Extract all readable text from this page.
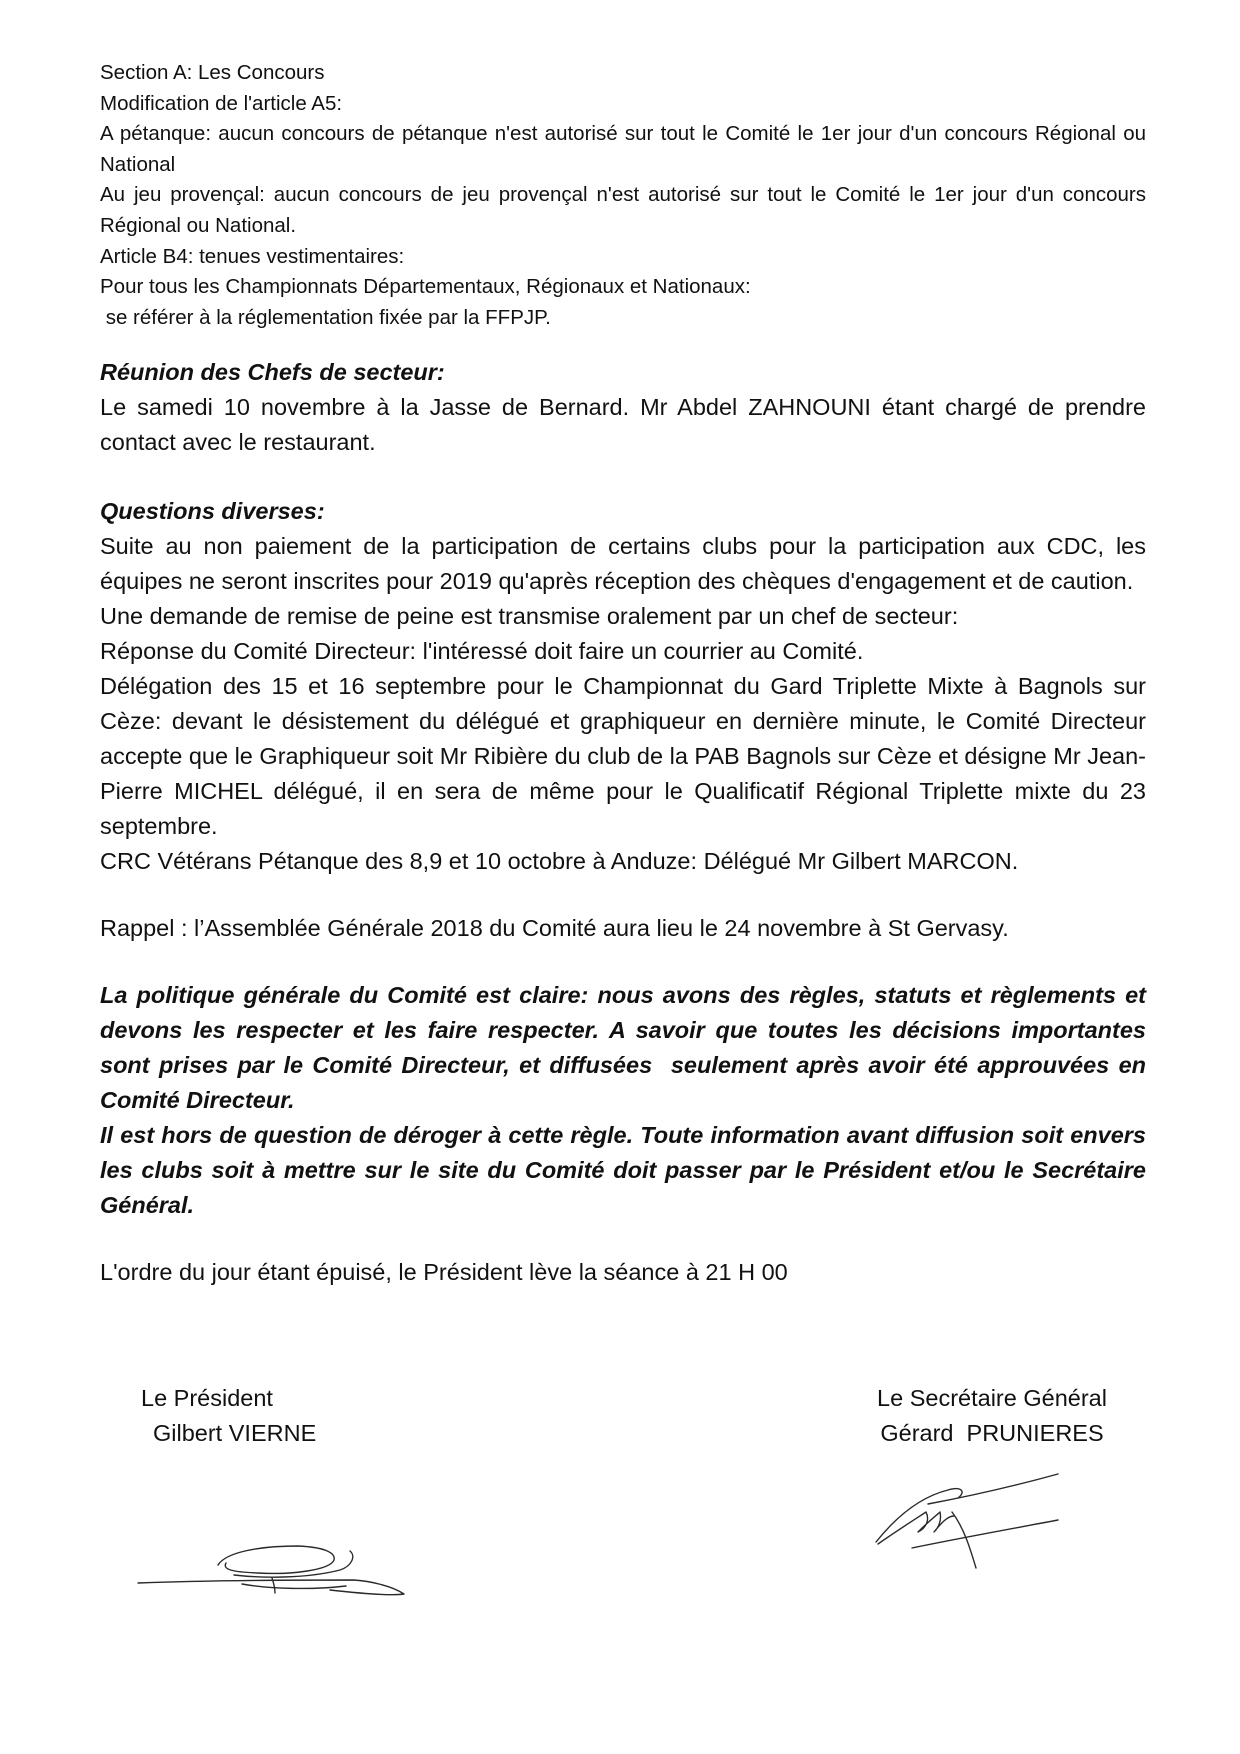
Section A: Les Concours

Modification de l'article A5:

A pétanque: aucun concours de pétanque n'est autorisé sur tout le Comité le 1er jour d'un concours Régional ou National

Au jeu provençal: aucun concours de jeu provençal n'est autorisé sur tout le Comité le 1er jour d'un concours Régional ou National.

Article B4: tenues vestimentaires:

Pour tous les Championnats Départementaux, Régionaux et Nationaux:

se référer à la réglementation fixée par la FFPJP.

Réunion des Chefs de secteur:

Le samedi 10 novembre à la Jasse de Bernard. Mr Abdel ZAHNOUNI étant chargé de prendre contact avec le restaurant.

Questions diverses:

Suite au non paiement de la participation de certains clubs pour la participation aux CDC, les équipes ne seront inscrites pour 2019 qu'après réception des chèques d'engagement et de caution.

Une demande de remise de peine est transmise oralement par un chef de secteur:

Réponse du Comité Directeur: l'intéressé doit faire un courrier au Comité.

Délégation des 15 et 16 septembre pour le Championnat du Gard Triplette Mixte à Bagnols sur Cèze: devant le désistement du délégué et graphiqueur en dernière minute, le Comité Directeur accepte que le Graphiqueur soit Mr Ribière du club de la PAB Bagnols sur Cèze et désigne Mr Jean-Pierre MICHEL délégué, il en sera de même pour le Qualificatif Régional Triplette mixte du 23 septembre.

CRC Vétérans Pétanque des 8,9 et 10 octobre à Anduze: Délégué Mr Gilbert MARCON.

Rappel : l’Assemblée Générale 2018 du Comité aura lieu le 24 novembre à St Gervasy.

La politique générale du Comité est claire: nous avons des règles, statuts et règlements et devons les respecter et les faire respecter. A savoir que toutes les décisions importantes sont prises par le Comité Directeur, et diffusées  seulement après avoir été approuvées en Comité Directeur.

Il est hors de question de déroger à cette règle. Toute information avant diffusion soit envers les clubs soit à mettre sur le site du Comité doit passer par le Président et/ou le Secrétaire Général.

L'ordre du jour étant épuisé, le Président lève la séance à 21 H 00

Le Président
Gilbert VIERNE
Le Secrétaire Général
Gérard  PRUNIERES
